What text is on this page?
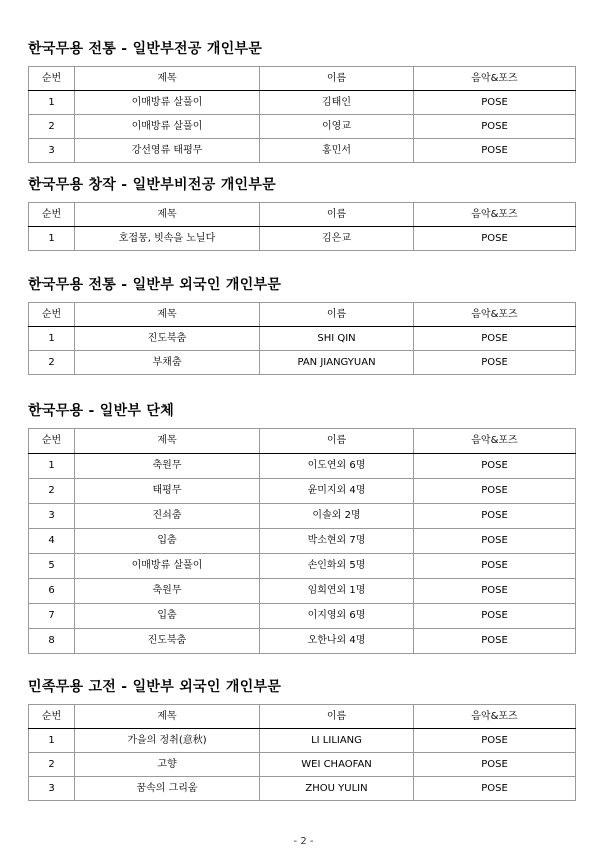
한국무용 전통 - 일반부전공 개인부문
순번	제목	이름	음악&포즈
1	이매방류 살풀이	김태인	POSE
2	이매방류 살풀이	이영교	POSE
3	강선영류 태평무	홍민서	POSE
한국무용 창작 - 일반부비전공 개인부문
순번	제목	이름	음악&포즈
1	호접몽, 빗속을 노닐다	김은교	POSE
한국무용 전통 - 일반부 외국인 개인부문
순번	제목	이름	음악&포즈
1	진도북춤	SHI QIN	POSE
2	부채춤	PAN JIANGYUAN	POSE
한국무용 - 일반부 단체
순번	제목	이름	음악&포즈
1	축원무	이도연외 6명	POSE
2	태평무	윤미지외 4명	POSE
3	진쇠춤	이솔외 2명	POSE
4	입춤	박소현외 7명	POSE
5	이매방류 살풀이	손인화외 5명	POSE
6	축원무	임희연외 1명	POSE
7	입춤	이지영외 6명	POSE
8	진도북춤	오한나외 4명	POSE
민족무용 고전 - 일반부 외국인 개인부문
순번	제목	이름	음악&포즈
1	가을의 정취(意秋)	LI LILIANG	POSE
2	고향	WEI CHAOFAN	POSE
3	꿈속의 그리움	ZHOU YULIN	POSE
- 2 -
